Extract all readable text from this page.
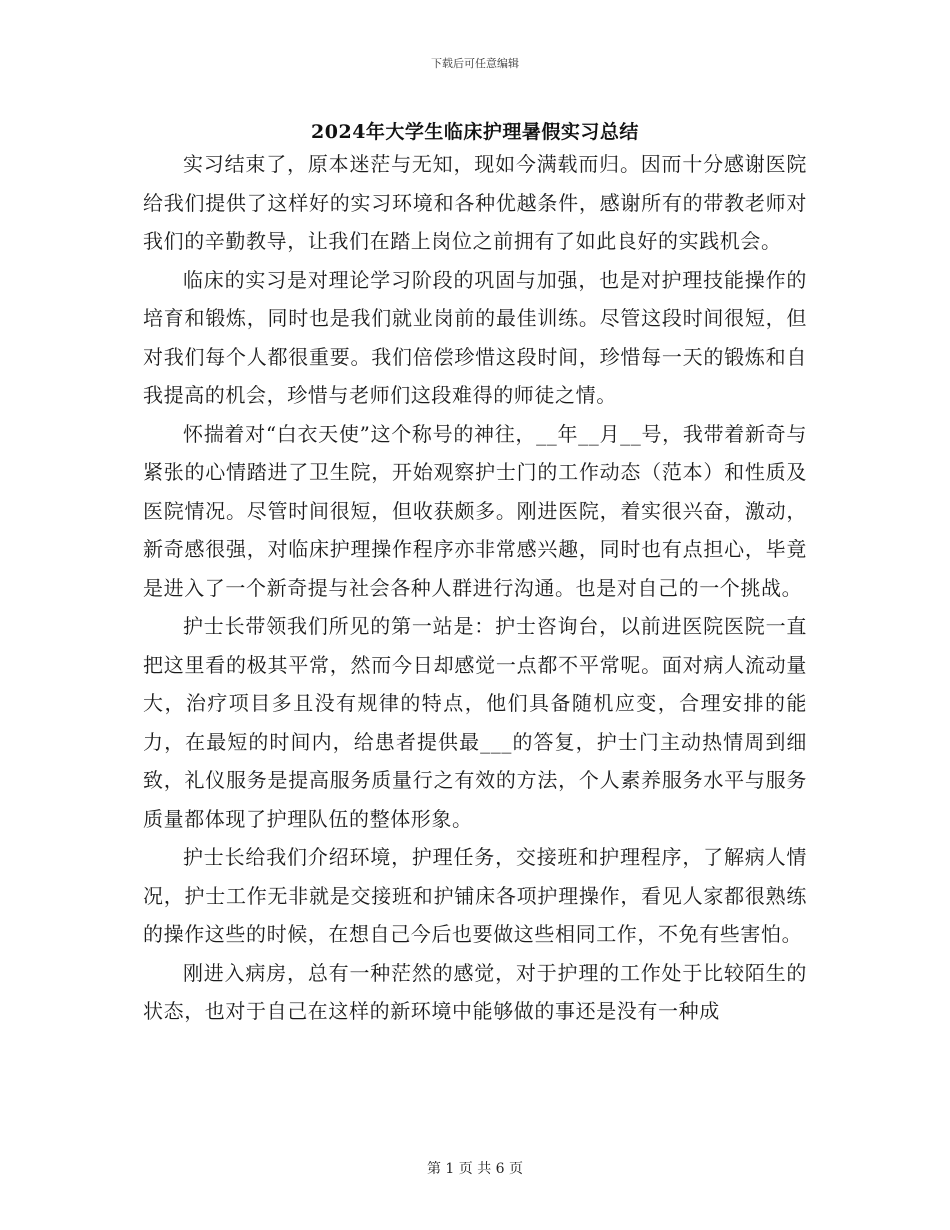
下载后可任意编辑
2024年大学生临床护理暑假实习总结

实习结束了，原本迷茫与无知，现如今满载而归。因而十分感谢医院给我们提供了这样好的实习环境和各种优越条件，感谢所有的带教老师对我们的辛勤教导，让我们在踏上岗位之前拥有了如此良好的实践机会。

临床的实习是对理论学习阶段的巩固与加强，也是对护理技能操作的培育和锻炼，同时也是我们就业岗前的最佳训练。尽管这段时间很短，但对我们每个人都很重要。我们倍偿珍惜这段时间，珍惜每一天的锻炼和自我提高的机会，珍惜与老师们这段难得的师徒之情。

怀揣着对“白衣天使”这个称号的神往，__年__月__号，我带着新奇与紧张的心情踏进了卫生院，开始观察护士门的工作动态（范本）和性质及医院情况。尽管时间很短，但收获颇多。刚进医院，着实很兴奋，激动，新奇感很强，对临床护理操作程序亦非常感兴趣，同时也有点担心，毕竟是进入了一个新奇提与社会各种人群进行沟通。也是对自己的一个挑战。

护士长带领我们所见的第一站是：护士咨询台，以前进医院医院一直把这里看的极其平常，然而今日却感觉一点都不平常呢。面对病人流动量大，治疗项目多且没有规律的特点，他们具备随机应变，合理安排的能力，在最短的时间内，给患者提供最___的答复，护士门主动热情周到细致，礼仪服务是提高服务质量行之有效的方法，个人素养服务水平与服务质量都体现了护理队伍的整体形象。

护士长给我们介绍环境，护理任务，交接班和护理程序，了解病人情况，护士工作无非就是交接班和护铺床各项护理操作，看见人家都很熟练的操作这些的时候，在想自己今后也要做这些相同工作，不免有些害怕。

刚进入病房，总有一种茫然的感觉，对于护理的工作处于比较陌生的状态，也对于自己在这样的新环境中能够做的事还是没有一种成

第 1 页 共 6 页
